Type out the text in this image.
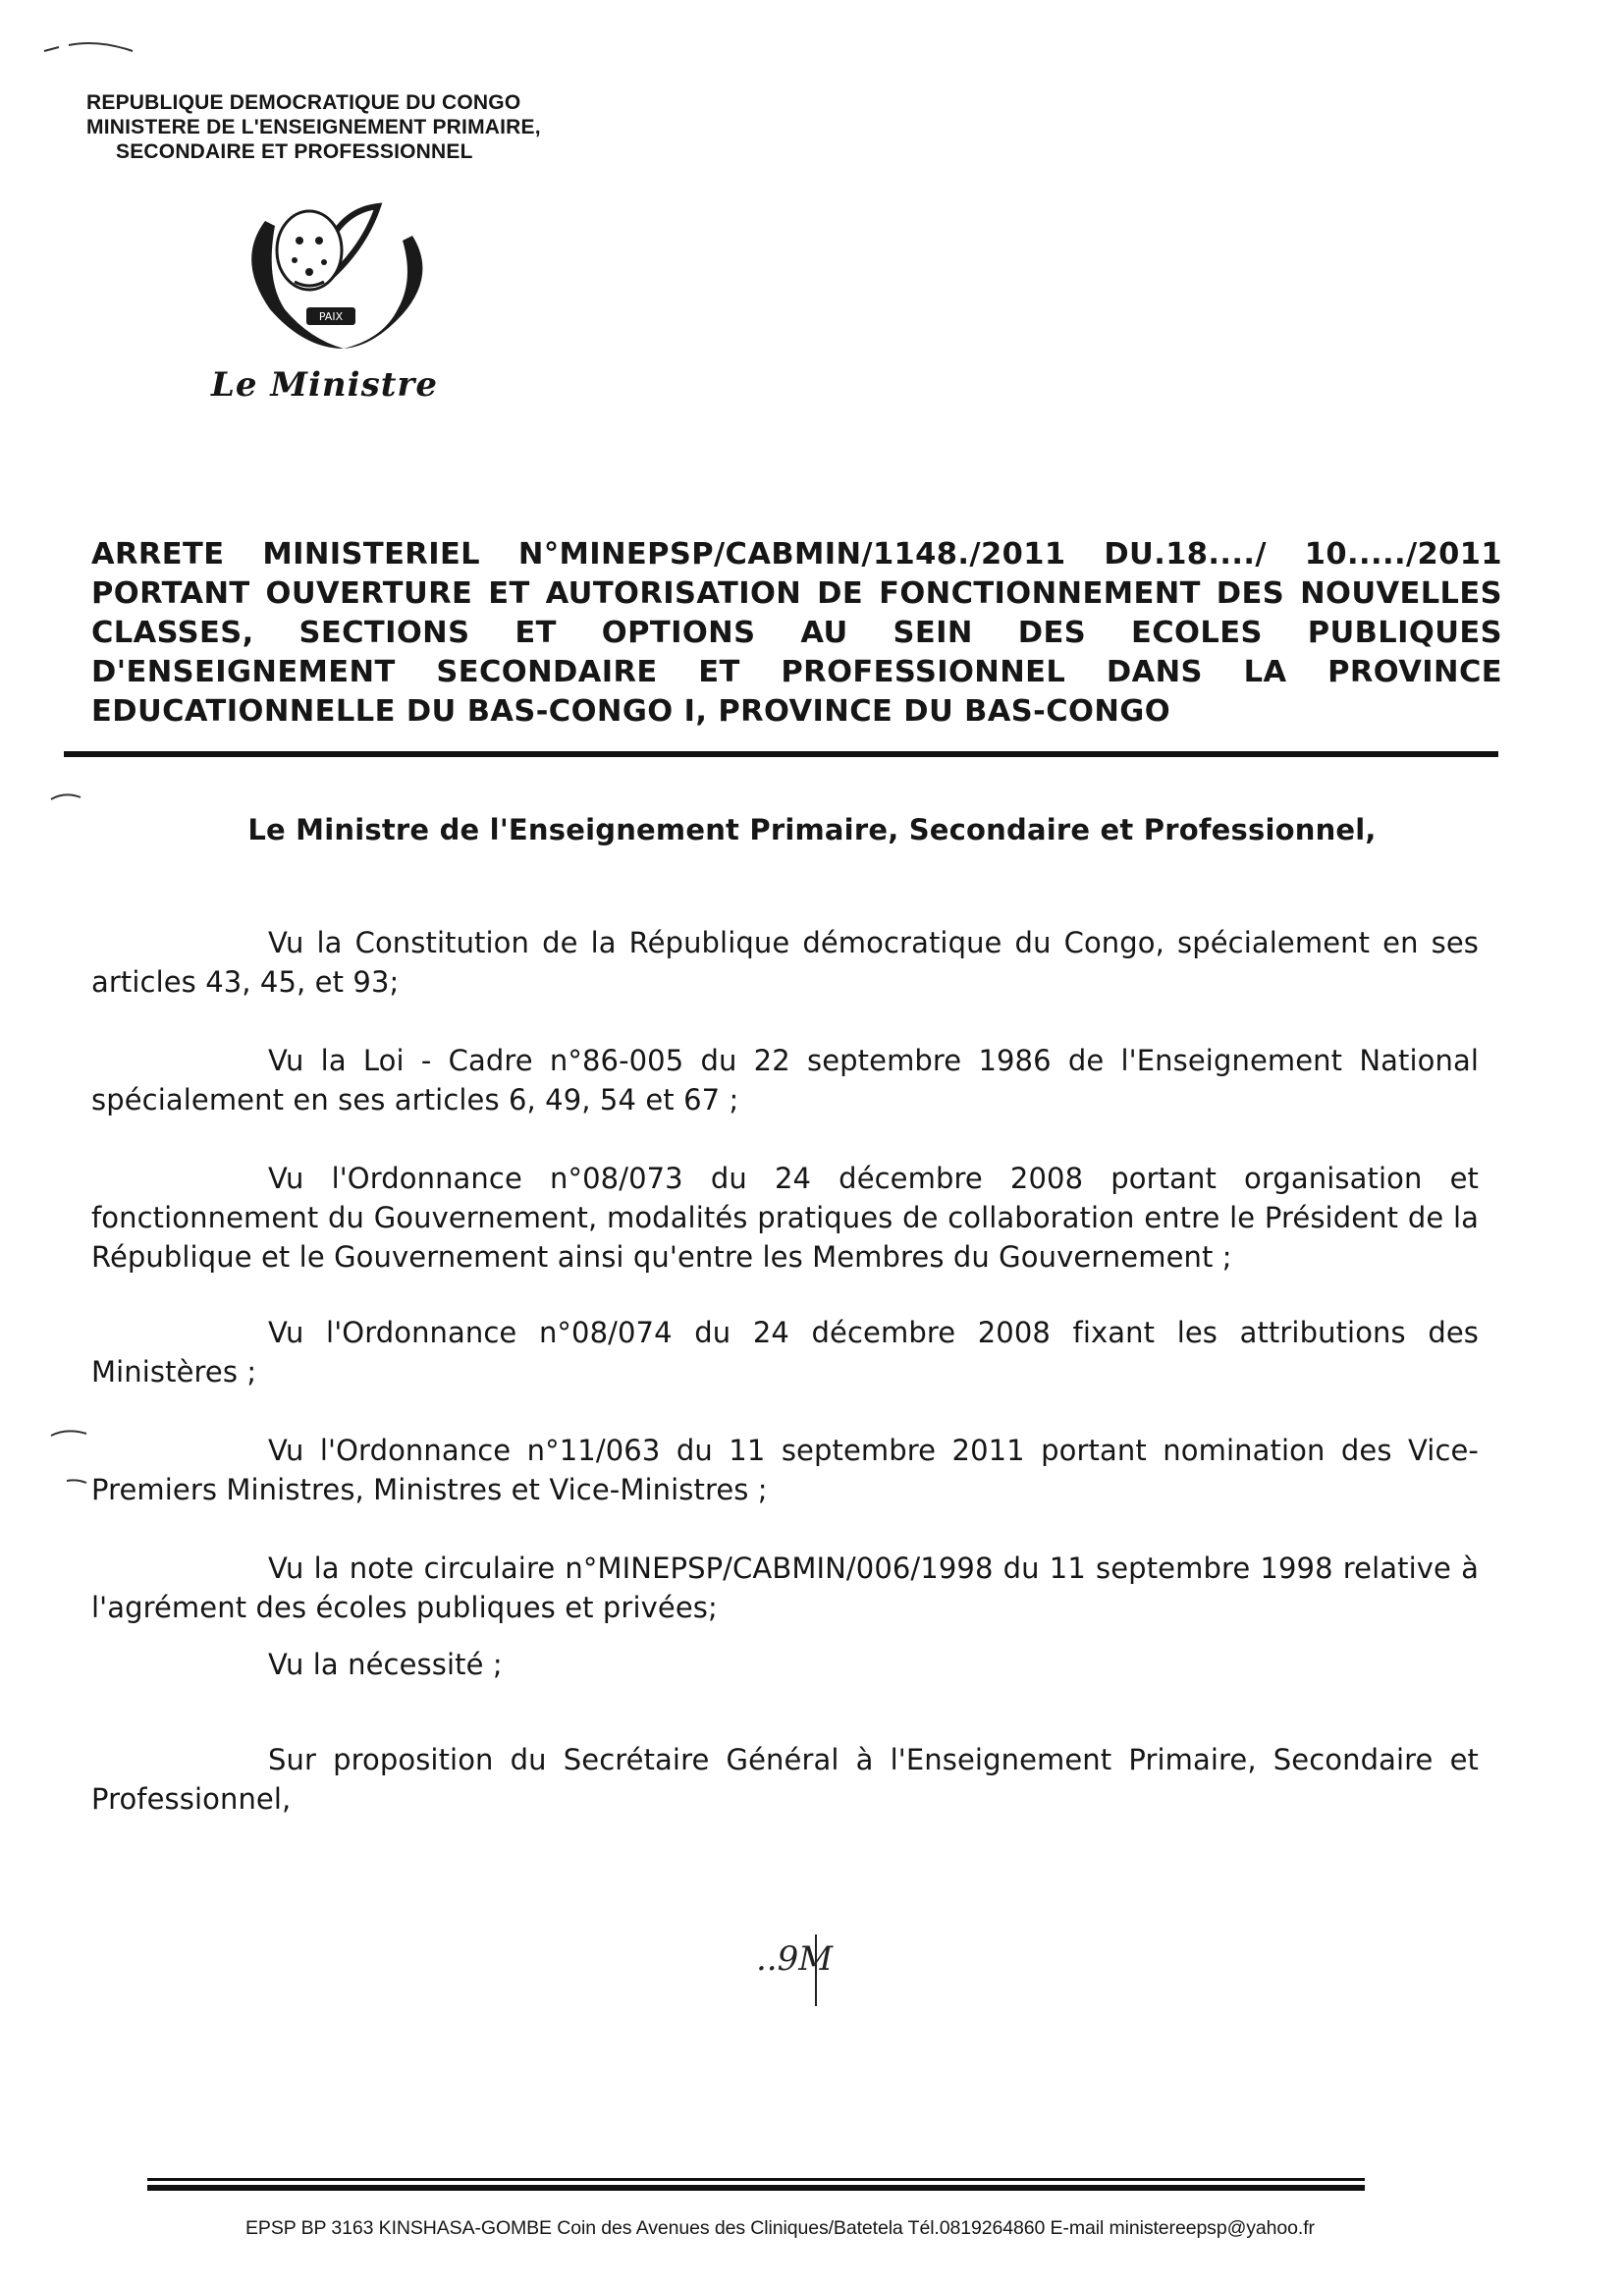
REPUBLIQUE DEMOCRATIQUE DU CONGO
MINISTERE DE L'ENSEIGNEMENT PRIMAIRE,
SECONDAIRE ET PROFESSIONNEL
PAIX
Le Ministre
ARRETE MINISTERIEL N°MINEPSP/CABMIN/1148./2011 DU.18..../ 10...../2011
PORTANT OUVERTURE ET AUTORISATION DE FONCTIONNEMENT DES NOUVELLES
CLASSES, SECTIONS ET OPTIONS AU SEIN DES ECOLES PUBLIQUES
D'ENSEIGNEMENT SECONDAIRE ET PROFESSIONNEL DANS LA PROVINCE
EDUCATIONNELLE DU BAS-CONGO I, PROVINCE DU BAS-CONGO
Le Ministre de l'Enseignement Primaire, Secondaire et Professionnel,

Vu la Constitution de la République démocratique du Congo, spécialement en ses articles 43, 45, et 93;

Vu la Loi - Cadre n°86-005 du 22 septembre 1986 de l'Enseignement National spécialement en ses articles 6, 49, 54 et 67 ;

Vu l'Ordonnance n°08/073 du 24 décembre 2008 portant organisation et fonctionnement du Gouvernement, modalités pratiques de collaboration entre le Président de la République et le Gouvernement ainsi qu'entre les Membres du Gouvernement ;

Vu l'Ordonnance n°08/074 du 24 décembre 2008 fixant les attributions des Ministères ;

Vu l'Ordonnance n°11/063 du 11 septembre 2011 portant nomination des Vice-Premiers Ministres, Ministres et Vice-Ministres ;

Vu la note circulaire n°MINEPSP/CABMIN/006/1998 du 11 septembre 1998 relative à l'agrément des écoles publiques et privées;

Vu la nécessité ;

Sur proposition du Secrétaire Général à l'Enseignement Primaire, Secondaire et Professionnel,

..9M
EPSP BP 3163 KINSHASA-GOMBE Coin des Avenues des Cliniques/Batetela Tél.0819264860 E-mail ministereepsp@yahoo.fr
